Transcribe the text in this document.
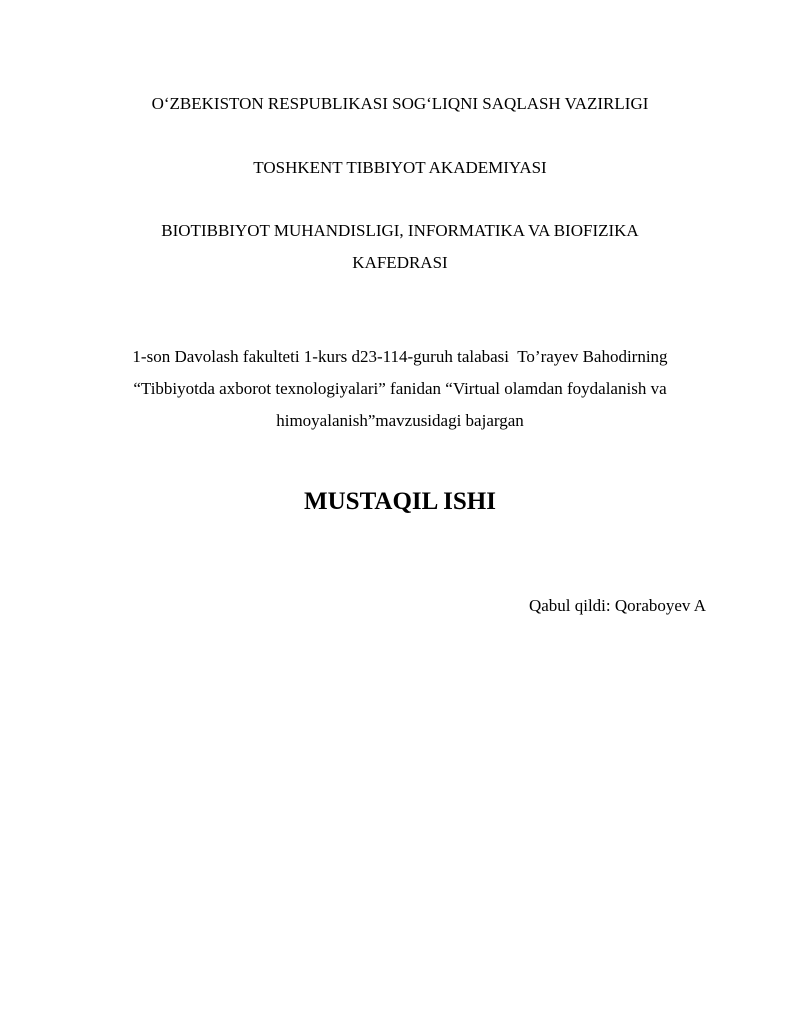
O‘ZBEKISTON RESPUBLIKASI SOG‘LIQNI SAQLASH VAZIRLIGI
TOSHKENT TIBBIYOT AKADEMIYASI
BIOTIBBIYOT MUHANDISLIGI, INFORMATIKA VA BIOFIZIKA
KAFEDRASI
1-son Davolash fakulteti 1-kurs d23-114-guruh talabasi  To’rayev Bahodirning
“Tibbiyotda axborot texnologiyalari” fanidan “Virtual olamdan foydalanish va
himoyalanish”mavzusidagi bajargan
MUSTAQIL ISHI
Qabul qildi: Qoraboyev A
